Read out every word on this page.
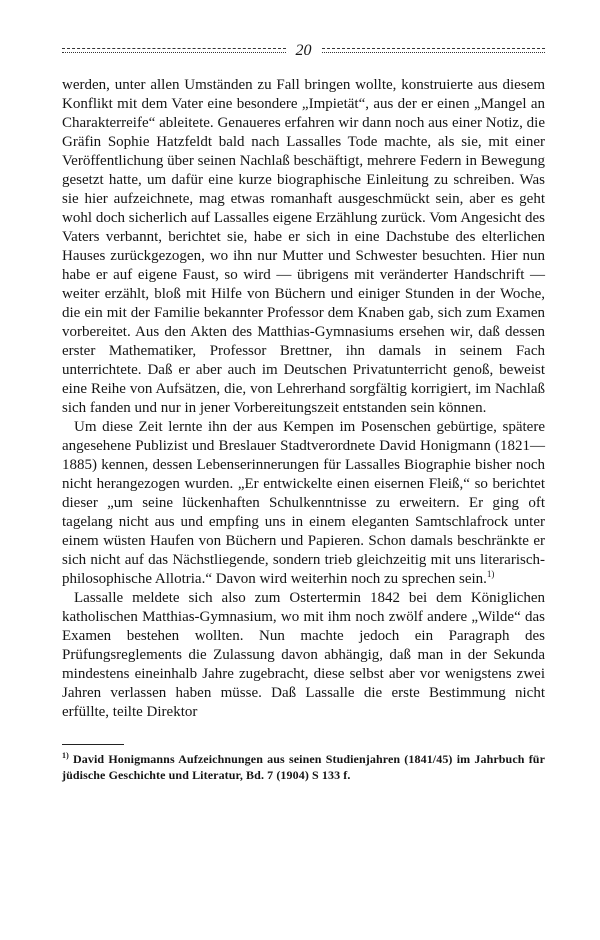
20

werden, unter allen Umständen zu Fall bringen wollte, konstruierte aus diesem Konflikt mit dem Vater eine besondere „Impietät“, aus der er einen „Mangel an Charakterreife“ ableitete. Genaueres erfahren wir dann noch aus einer Notiz, die Gräfin Sophie Hatzfeldt bald nach Lassalles Tode machte, als sie, mit einer Veröffentlichung über seinen Nachlaß beschäftigt, mehrere Federn in Bewegung gesetzt hatte, um dafür eine kurze biographische Einleitung zu schreiben. Was sie hier aufzeichnete, mag etwas romanhaft ausgeschmückt sein, aber es geht wohl doch sicherlich auf Lassalles eigene Erzählung zurück. Vom Angesicht des Vaters verbannt, berichtet sie, habe er sich in eine Dachstube des elterlichen Hauses zurückgezogen, wo ihn nur Mutter und Schwester besuchten. Hier nun habe er auf eigene Faust, so wird — übrigens mit veränderter Handschrift — weiter erzählt, bloß mit Hilfe von Büchern und einiger Stunden in der Woche, die ein mit der Familie bekannter Professor dem Knaben gab, sich zum Examen vorbereitet. Aus den Akten des Matthias-Gymnasiums ersehen wir, daß dessen erster Mathematiker, Professor Brettner, ihn damals in seinem Fach unterrichtete. Daß er aber auch im Deutschen Privatunterricht genoß, beweist eine Reihe von Aufsätzen, die, von Lehrerhand sorgfältig korrigiert, im Nachlaß sich fanden und nur in jener Vorbereitungszeit entstanden sein können.

Um diese Zeit lernte ihn der aus Kempen im Posenschen gebürtige, spätere angesehene Publizist und Breslauer Stadtverordnete David Honigmann (1821—1885) kennen, dessen Lebenserinnerungen für Lassalles Biographie bisher noch nicht herangezogen wurden. „Er entwickelte einen eisernen Fleiß,“ so berichtet dieser „um seine lückenhaften Schulkenntnisse zu erweitern. Er ging oft tagelang nicht aus und empfing uns in einem eleganten Samtschlafrock unter einem wüsten Haufen von Büchern und Papieren. Schon damals beschränkte er sich nicht auf das Nächstliegende, sondern trieb gleichzeitig mit uns literarisch-philosophische Allotria.“ Davon wird weiterhin noch zu sprechen sein.$^{1)}$

Lassalle meldete sich also zum Ostertermin 1842 bei dem Königlichen katholischen Matthias-Gymnasium, wo mit ihm noch zwölf andere „Wilde“ das Examen bestehen wollten. Nun machte jedoch ein Paragraph des Prüfungsreglements die Zulassung davon abhängig, daß man in der Sekunda mindestens eineinhalb Jahre zugebracht, diese selbst aber vor wenigstens zwei Jahren verlassen haben müsse. Daß Lassalle die erste Bestimmung nicht erfüllte, teilte Direktor

$^{1)}$ David Honigmanns Aufzeichnungen aus seinen Studienjahren (1841/45) im Jahrbuch für jüdische Geschichte und Literatur, Bd. 7 (1904) S 133 f.
